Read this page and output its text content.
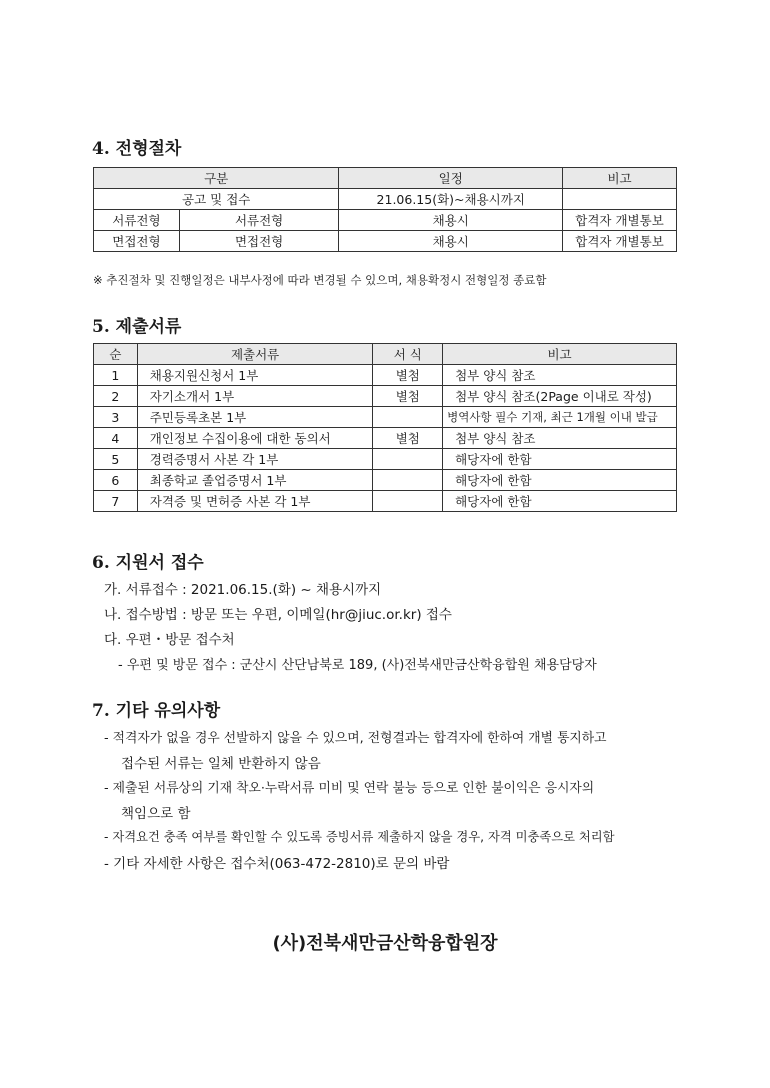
4. 전형절차
구분		일정	비고
공고 및 접수		21.06.15(화)~채용시까지	
서류전형	서류전형	채용시	합격자 개별통보
면접전형	면접전형	채용시	합격자 개별통보

※ 추진절차 및 진행일정은 내부사정에 따라 변경될 수 있으며, 채용확정시 전형일정 종료함

5. 제출서류
순	제출서류	서 식	비고
1	채용지원신청서 1부	별첨	첨부 양식 참조
2	자기소개서 1부	별첨	첨부 양식 참조(2Page 이내로 작성)
3	주민등록초본 1부		병역사항 필수 기재, 최근 1개월 이내 발급
4	개인정보 수집이용에 대한 동의서	별첨	첨부 양식 참조
5	경력증명서 사본 각 1부		해당자에 한함
6	최종학교 졸업증명서 1부		해당자에 한함
7	자격증 및 면허증 사본 각 1부		해당자에 한함
6. 지원서 접수

가. 서류접수 : 2021.06.15.(화) ~ 채용시까지

나. 접수방법 : 방문 또는 우편, 이메일(hr@jiuc.or.kr) 접수

다. 우편・방문 접수처

- 우편 및 방문 접수 : 군산시 산단남북로 189, (사)전북새만금산학융합원 채용담당자

7. 기타 유의사항

- 적격자가 없을 경우 선발하지 않을 수 있으며, 전형결과는 합격자에 한하여 개별 통지하고

접수된 서류는 일체 반환하지 않음

- 제출된 서류상의 기재 착오·누락서류 미비 및 연락 불능 등으로 인한 불이익은 응시자의

책임으로 함

- 자격요건 충족 여부를 확인할 수 있도록 증빙서류 제출하지 않을 경우, 자격 미충족으로 처리함

- 기타 자세한 사항은 접수처(063-472-2810)로 문의 바람

(사)전북새만금산학융합원장
